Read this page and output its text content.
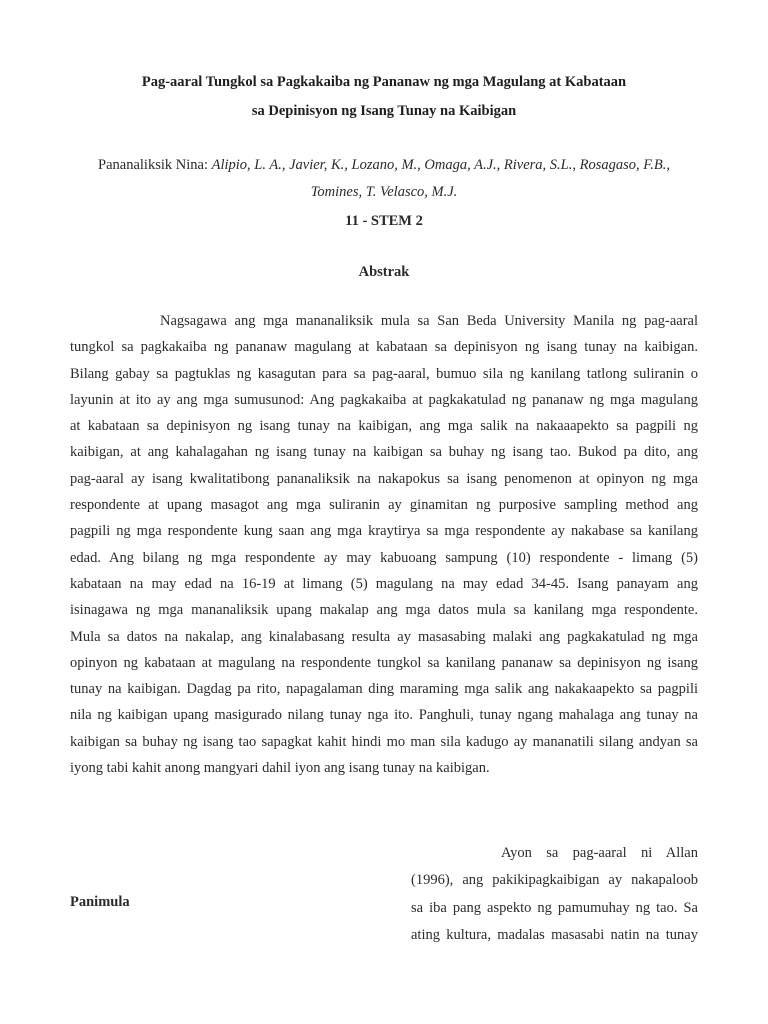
Pag-aaral Tungkol sa Pagkakaiba ng Pananaw ng mga Magulang at Kabataan
sa Depinisyon ng Isang Tunay na Kaibigan
Pananaliksik Nina: Alipio, L. A., Javier, K., Lozano, M., Omaga, A.J., Rivera, S.L., Rosagaso, F.B.,
Tomines, T. Velasco, M.J.
11 - STEM 2
Abstrak
Nagsagawa ang mga mananaliksik mula sa San Beda University Manila ng pag-aaral
tungkol sa pagkakaiba ng pananaw magulang at kabataan sa depinisyon ng isang tunay na kaibigan.
Bilang gabay sa pagtuklas ng kasagutan para sa pag-aaral, bumuo sila ng kanilang tatlong suliranin o
layunin at ito ay ang mga sumusunod: Ang pagkakaiba at pagkakatulad ng pananaw ng mga magulang
at kabataan sa depinisyon ng isang tunay na kaibigan, ang mga salik na nakaaapekto sa pagpili ng
kaibigan, at ang kahalagahan ng isang tunay na kaibigan sa buhay ng isang tao. Bukod pa dito, ang
pag-aaral ay isang kwalitatibong pananaliksik na nakapokus sa isang penomenon at opinyon ng mga
respondente at upang masagot ang mga suliranin ay ginamitan ng purposive sampling method ang
pagpili ng mga respondente kung saan ang mga kraytirya sa mga respondente ay nakabase sa kanilang
edad. Ang bilang ng mga respondente ay may kabuoang sampung (10) respondente - limang (5)
kabataan na may edad na 16-19 at limang (5) magulang na may edad 34-45. Isang panayam ang
isinagawa ng mga mananaliksik upang makalap ang mga datos mula sa kanilang mga respondente.
Mula sa datos na nakalap, ang kinalabasang resulta ay masasabing malaki ang pagkakatulad ng mga
opinyon ng kabataan at magulang na respondente tungkol sa kanilang pananaw sa depinisyon ng isang
tunay na kaibigan. Dagdag pa rito, napagalaman ding maraming mga salik ang nakakaapekto sa pagpili
nila ng kaibigan upang masigurado nilang tunay nga ito. Panghuli, tunay ngang mahalaga ang tunay na
kaibigan sa buhay ng isang tao sapagkat kahit hindi mo man sila kadugo ay mananatili silang andyan sa
iyong tabi kahit anong mangyari dahil iyon ang isang tunay na kaibigan.
Panimula
Ayon sa pag-aaral ni Allan
(1996), ang pakikipagkaibigan ay nakapaloob
sa iba pang aspekto ng pamumuhay ng tao. Sa
ating kultura, madalas masasabi natin na tunay
